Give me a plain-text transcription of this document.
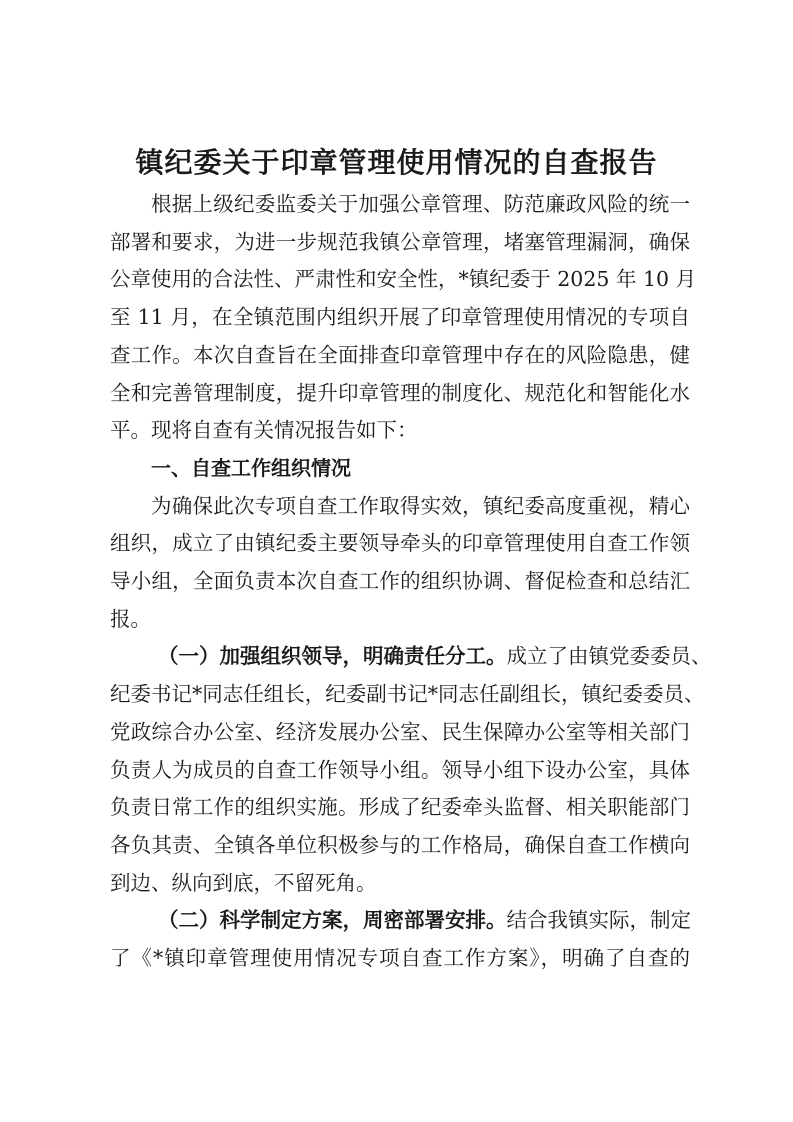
镇纪委关于印章管理使用情况的自查报告
根据上级纪委监委关于加强公章管理、防范廉政风险的统一
部署和要求，为进一步规范我镇公章管理，堵塞管理漏洞，确保
公章使用的合法性、严肃性和安全性，*镇纪委于 2025 年 10 月
至 11 月，在全镇范围内组织开展了印章管理使用情况的专项自
查工作。本次自查旨在全面排查印章管理中存在的风险隐患，健
全和完善管理制度，提升印章管理的制度化、规范化和智能化水
平。现将自查有关情况报告如下：
一、自查工作组织情况
为确保此次专项自查工作取得实效，镇纪委高度重视，精心
组织，成立了由镇纪委主要领导牵头的印章管理使用自查工作领
导小组，全面负责本次自查工作的组织协调、督促检查和总结汇
报。
（一）加强组织领导，明确责任分工。成立了由镇党委委员、
纪委书记*同志任组长，纪委副书记*同志任副组长，镇纪委委员、
党政综合办公室、经济发展办公室、民生保障办公室等相关部门
负责人为成员的自查工作领导小组。领导小组下设办公室，具体
负责日常工作的组织实施。形成了纪委牵头监督、相关职能部门
各负其责、全镇各单位积极参与的工作格局，确保自查工作横向
到边、纵向到底，不留死角。
（二）科学制定方案，周密部署安排。结合我镇实际，制定
了《*镇印章管理使用情况专项自查工作方案》，明确了自查的
